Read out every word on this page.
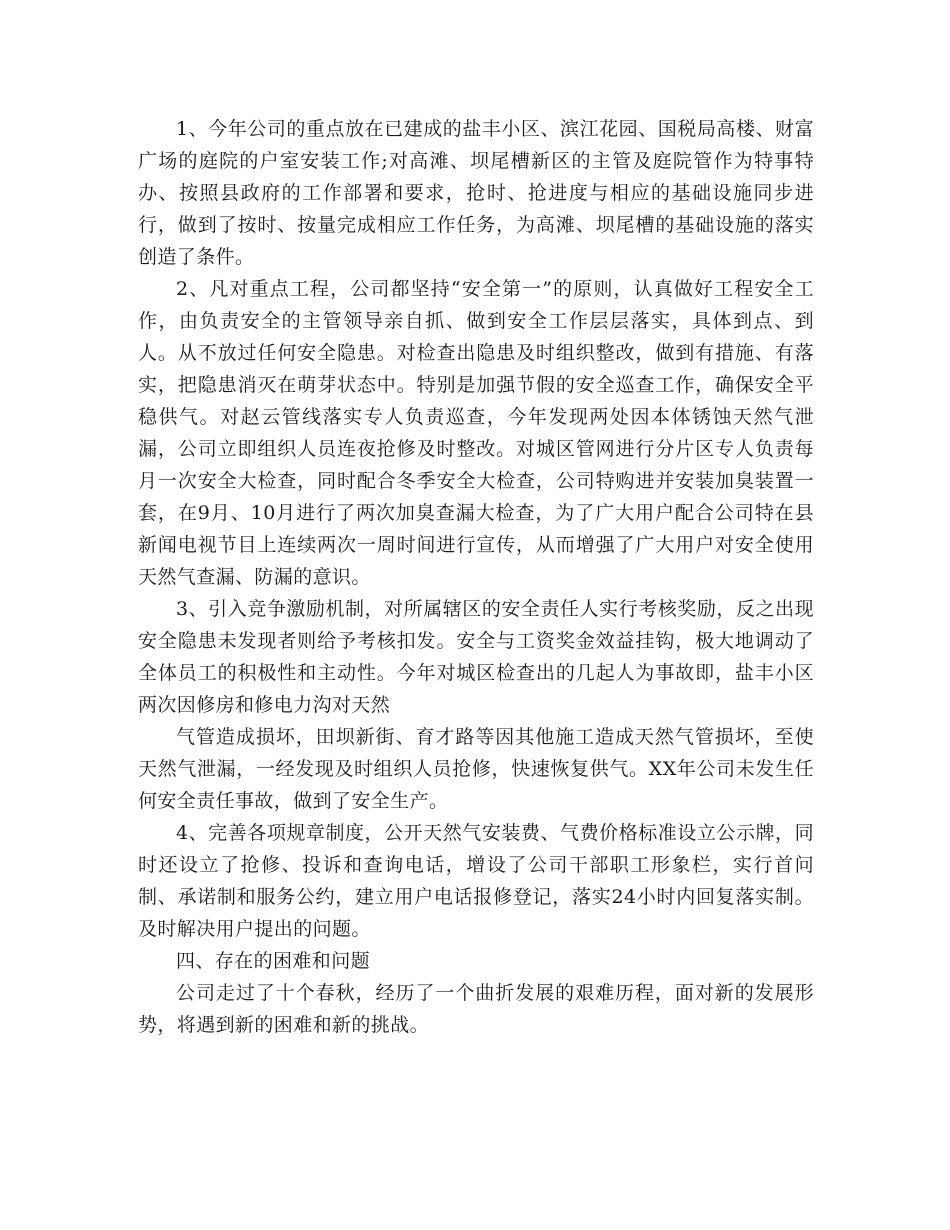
1、今年公司的重点放在已建成的盐丰小区、滨江花园、国税局高楼、财富广场的庭院的户室安装工作;对高滩、坝尾槽新区的主管及庭院管作为特事特办、按照县政府的工作部署和要求，抢时、抢进度与相应的基础设施同步进行，做到了按时、按量完成相应工作任务，为高滩、坝尾槽的基础设施的落实创造了条件。

2、凡对重点工程，公司都坚持“安全第一”的原则，认真做好工程安全工作，由负责安全的主管领导亲自抓、做到安全工作层层落实，具体到点、到人。从不放过任何安全隐患。对检查出隐患及时组织整改，做到有措施、有落实，把隐患消灭在萌芽状态中。特别是加强节假的安全巡查工作，确保安全平稳供气。对赵云管线落实专人负责巡查，今年发现两处因本体锈蚀天然气泄漏，公司立即组织人员连夜抢修及时整改。对城区管网进行分片区专人负责每月一次安全大检查，同时配合冬季安全大检查，公司特购进并安装加臭装置一套，在9月、10月进行了两次加臭查漏大检查，为了广大用户配合公司特在县新闻电视节目上连续两次一周时间进行宣传，从而增强了广大用户对安全使用天然气查漏、防漏的意识。

3、引入竞争激励机制，对所属辖区的安全责任人实行考核奖励，反之出现安全隐患未发现者则给予考核扣发。安全与工资奖金效益挂钩，极大地调动了全体员工的积极性和主动性。今年对城区检查出的几起人为事故即，盐丰小区两次因修房和修电力沟对天然

气管造成损坏，田坝新街、育才路等因其他施工造成天然气管损坏，至使天然气泄漏，一经发现及时组织人员抢修，快速恢复供气。XX年公司未发生任何安全责任事故，做到了安全生产。

4、完善各项规章制度，公开天然气安装费、气费价格标准设立公示牌，同时还设立了抢修、投诉和查询电话，增设了公司干部职工形象栏，实行首问制、承诺制和服务公约，建立用户电话报修登记，落实24小时内回复落实制。及时解决用户提出的问题。

四、存在的困难和问题

公司走过了十个春秋，经历了一个曲折发展的艰难历程，面对新的发展形势，将遇到新的困难和新的挑战。
